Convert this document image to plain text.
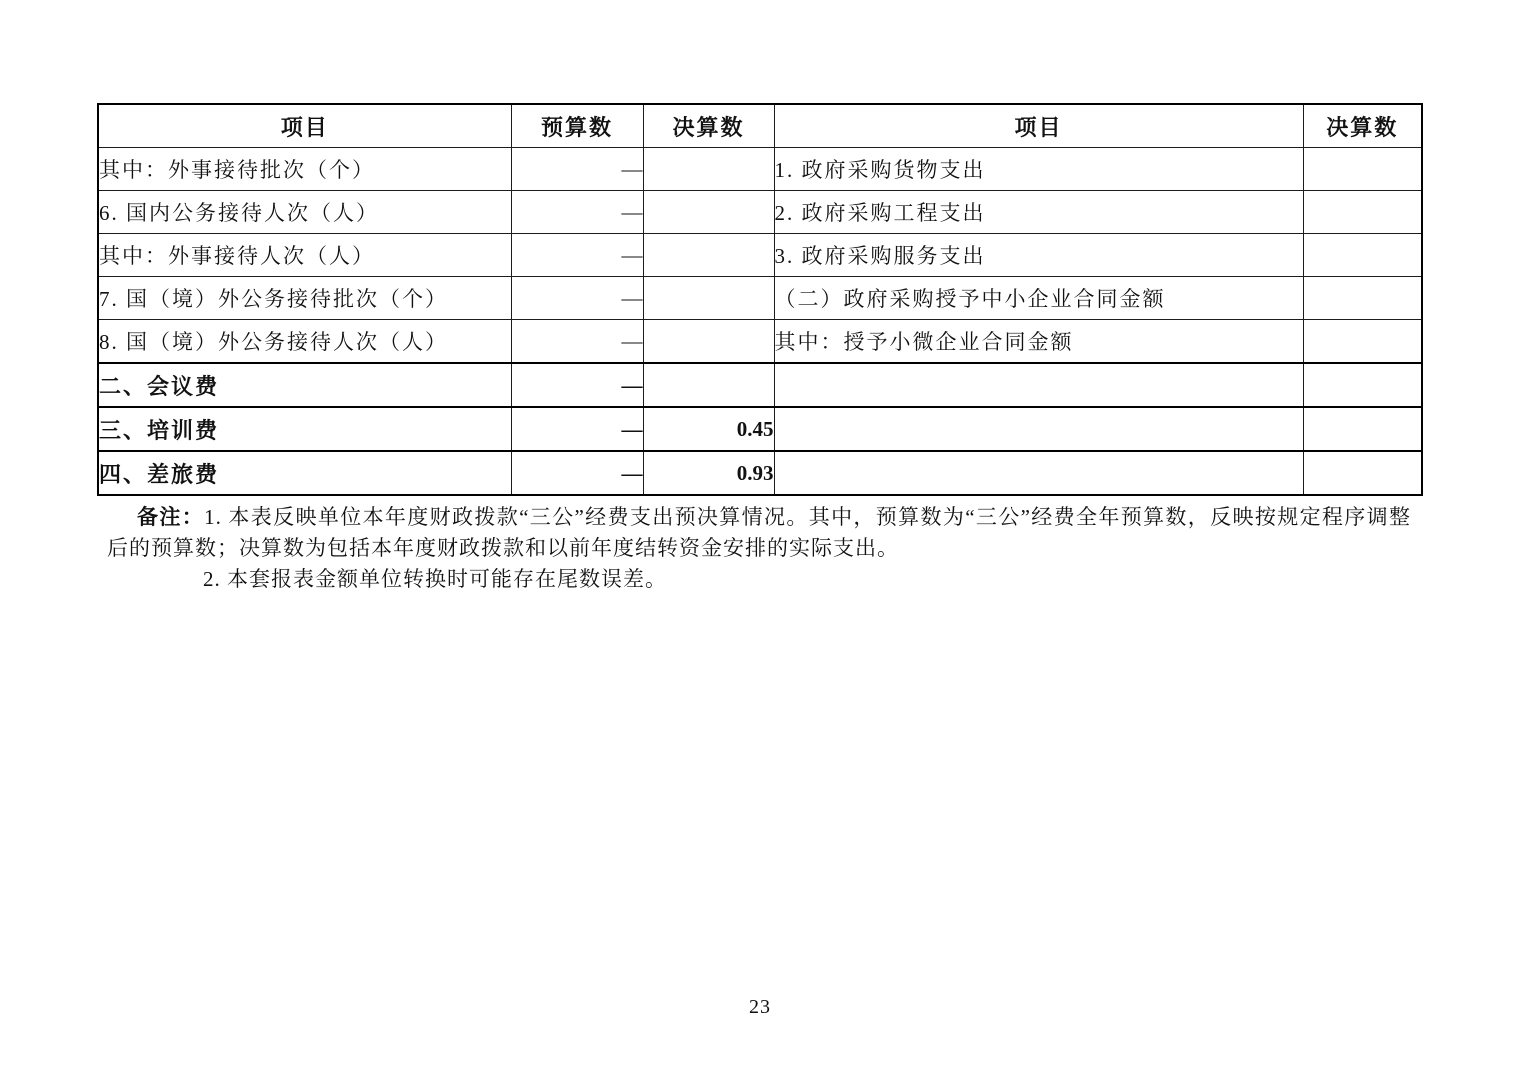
项目	预算数	决算数	项目	决算数
其中：外事接待批次（个）	—		1. 政府采购货物支出	
6. 国内公务接待人次（人）	—		2. 政府采购工程支出	
其中：外事接待人次（人）	—		3. 政府采购服务支出	
7. 国（境）外公务接待批次（个）	—		（二）政府采购授予中小企业合同金额	
8. 国（境）外公务接待人次（人）	—		其中：授予小微企业合同金额	
二、会议费	—			
三、培训费	—	0.45		
四、差旅费	—	0.93		

备注：1. 本表反映单位本年度财政拨款“三公”经费支出预决算情况。其中，预算数为“三公”经费全年预算数，反映按规定程序调整后的预算数；决算数为包括本年度财政拨款和以前年度结转资金安排的实际支出。

2. 本套报表金额单位转换时可能存在尾数误差。

23
